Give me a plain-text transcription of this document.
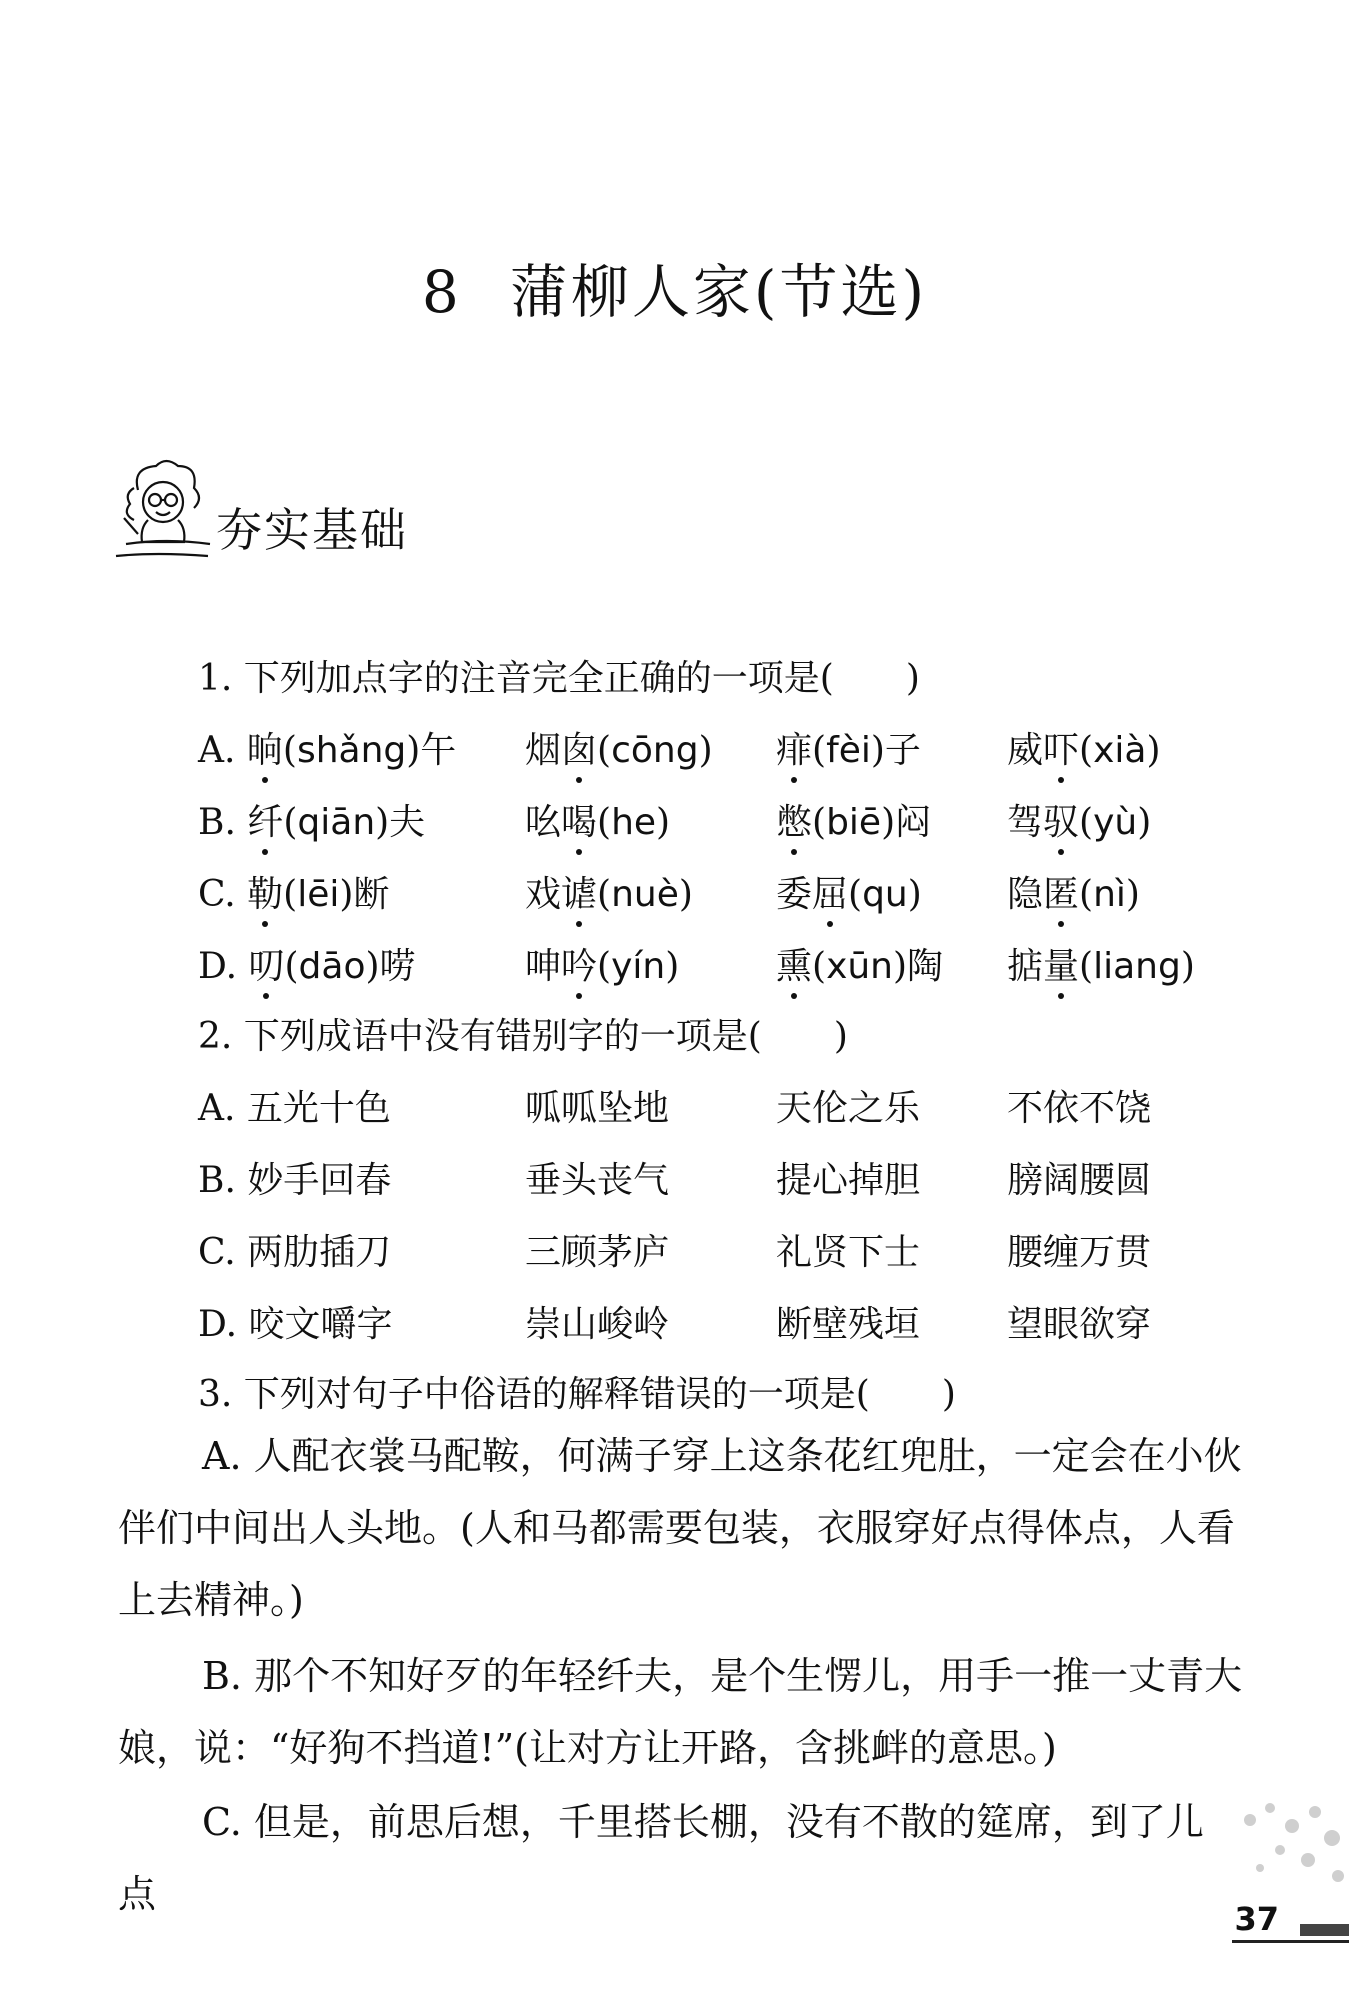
8 蒲柳人家(节选)
夯实基础
1. 下列加点字的注音完全正确的一项是(　　)
A. 晌(shǎng)午 烟囱(cōng) 痱(fèi)子 威吓(xià)
B. 纤(qiān)夫	吆喝(he)	憋(biē)闷 驾驭(yù)
C. 勒(lēi)断	戏谑(nuè) 委屈(qu) 隐匿(nì)
D. 叨(dāo)唠	呻吟(yín)	熏(xūn)陶 掂量(liang)
2. 下列成语中没有错别字的一项是(　　)
A. 五光十色	呱呱坠地	天伦之乐 不依不饶
B. 妙手回春	垂头丧气	提心掉胆 膀阔腰圆
C. 两肋插刀	三顾茅庐	礼贤下士 腰缠万贯
D. 咬文嚼字	崇山峻岭	断壁残垣 望眼欲穿
3. 下列对句子中俗语的解释错误的一项是(　　)
A. 人配衣裳马配鞍，何满子穿上这条花红兜肚，一定会在小伙伴们中间出人头地。(人和马都需要包装，衣服穿好点得体点，人看上去精神。)
B. 那个不知好歹的年轻纤夫，是个生愣儿，用手一推一丈青大娘，说：“好狗不挡道!”(让对方让开路，含挑衅的意思。)
C. 但是，前思后想，千里搭长棚，没有不散的筵席，到了儿点
37
